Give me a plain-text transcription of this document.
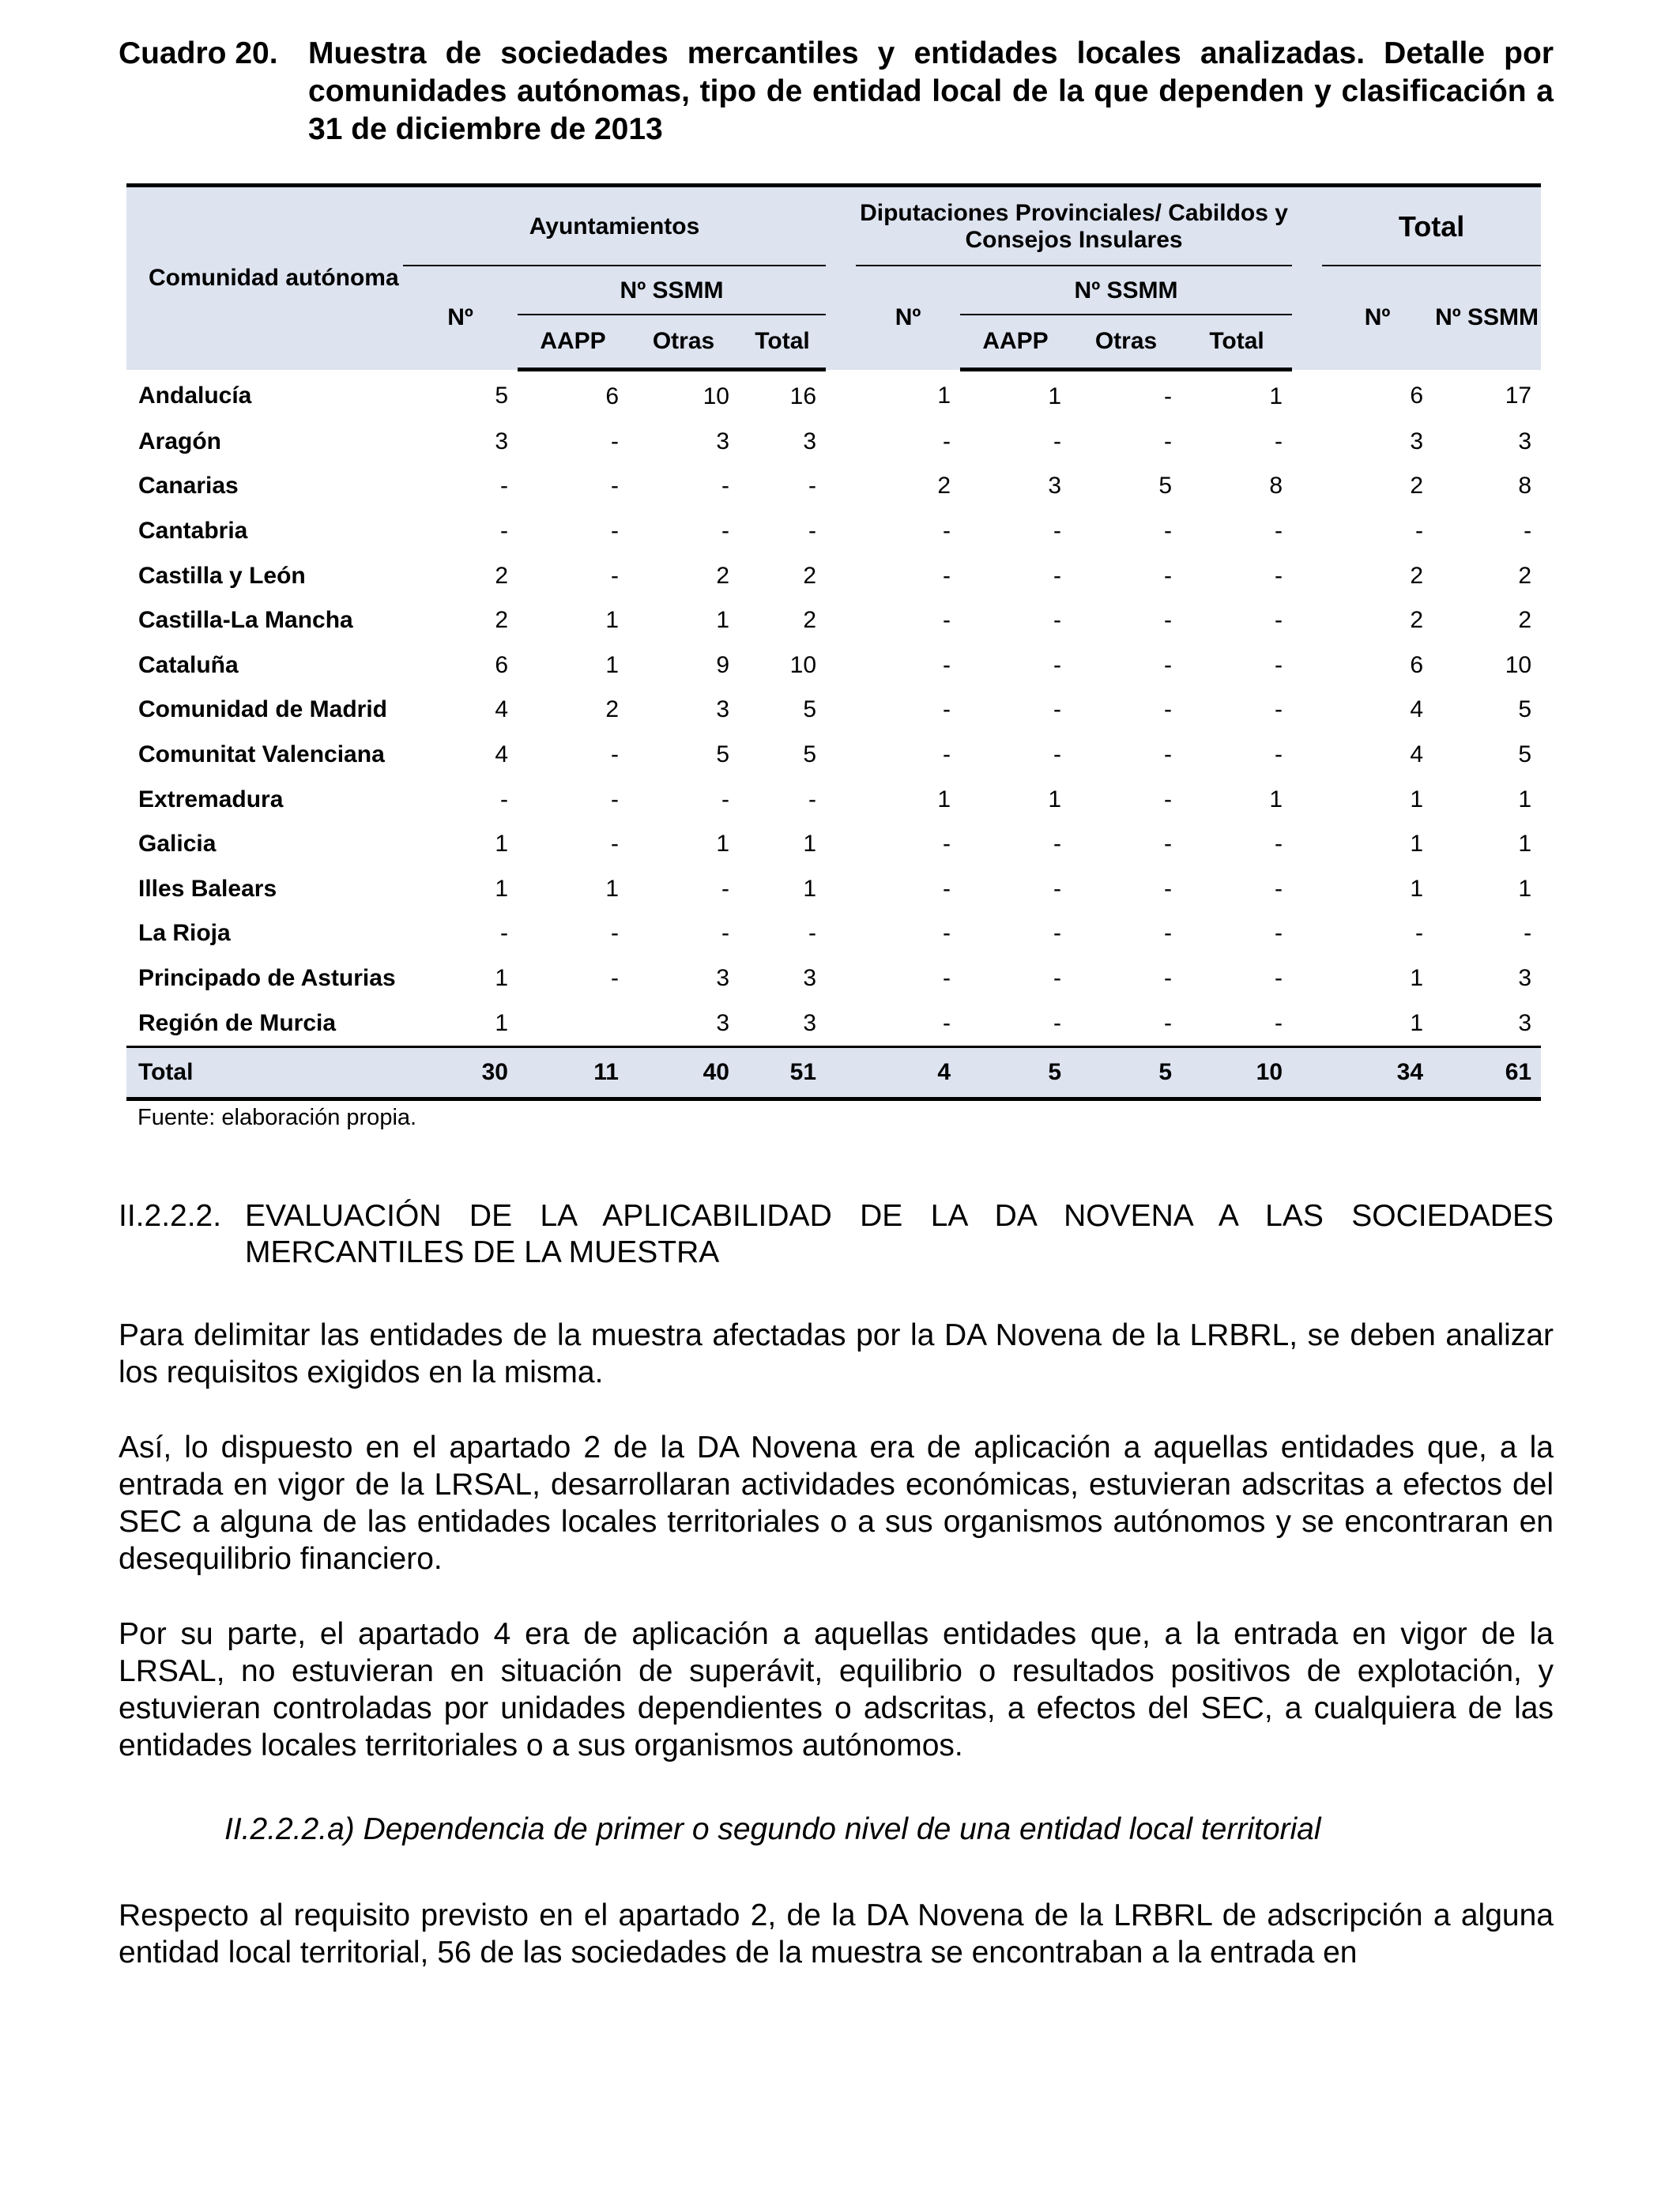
Cuadro 20. Muestra de sociedades mercantiles y entidades locales analizadas. Detalle por comunidades autónomas, tipo de entidad local de la que dependen y clasificación a 31 de diciembre de 2013
Comunidad autónoma	Ayuntamientos					Diputaciones Provinciales/ Cabildos y Consejos Insulares					Total	

	Nº	Nº SSMM				Nº	Nº SSMM				Nº	Nº SSMM
		AAPP	Otras	Total			AAPP	Otras	Total			
Andalucía	5	6	10	16		1	1	-	1		6	17
Aragón	3	-	3	3		-	-	-	-		3	3
Canarias	-	-	-	-		2	3	5	8		2	8
Cantabria	-	-	-	-		-	-	-	-		-	-
Castilla y León	2	-	2	2		-	-	-	-		2	2
Castilla-La Mancha	2	1	1	2		-	-	-	-		2	2
Cataluña	6	1	9	10		-	-	-	-		6	10
Comunidad de Madrid	4	2	3	5		-	-	-	-		4	5
Comunitat Valenciana	4	-	5	5		-	-	-	-		4	5
Extremadura	-	-	-	-		1	1	-	1		1	1
Galicia	1	-	1	1		-	-	-	-		1	1
Illes Balears	1	1	-	1		-	-	-	-		1	1
La Rioja	-	-	-	-		-	-	-	-		-	-
Principado de Asturias	1	-	3	3		-	-	-	-		1	3
Región de Murcia	1		3	3		-	-	-	-		1	3
Total	30	11	40	51		4	5	5	10		34	61
Fuente: elaboración propia.
II.2.2.2. EVALUACIÓN DE LA APLICABILIDAD DE LA DA NOVENA A LAS SOCIEDADES MERCANTILES DE LA MUESTRA
Para delimitar las entidades de la muestra afectadas por la DA Novena de la LRBRL, se deben analizar los requisitos exigidos en la misma.
Así, lo dispuesto en el apartado 2 de la DA Novena era de aplicación a aquellas entidades que, a la entrada en vigor de la LRSAL, desarrollaran actividades económicas, estuvieran adscritas a efectos del SEC a alguna de las entidades locales territoriales o a sus organismos autónomos y se encontraran en desequilibrio financiero.
Por su parte, el apartado 4 era de aplicación a aquellas entidades que, a la entrada en vigor de la LRSAL, no estuvieran en situación de superávit, equilibrio o resultados positivos de explotación, y estuvieran controladas por unidades dependientes o adscritas, a efectos del SEC, a cualquiera de las entidades locales territoriales o a sus organismos autónomos.
II.2.2.2.a) Dependencia de primer o segundo nivel de una entidad local territorial
Respecto al requisito previsto en el apartado 2, de la DA Novena de la LRBRL de adscripción a alguna entidad local territorial, 56 de las sociedades de la muestra se encontraban a la entrada en
